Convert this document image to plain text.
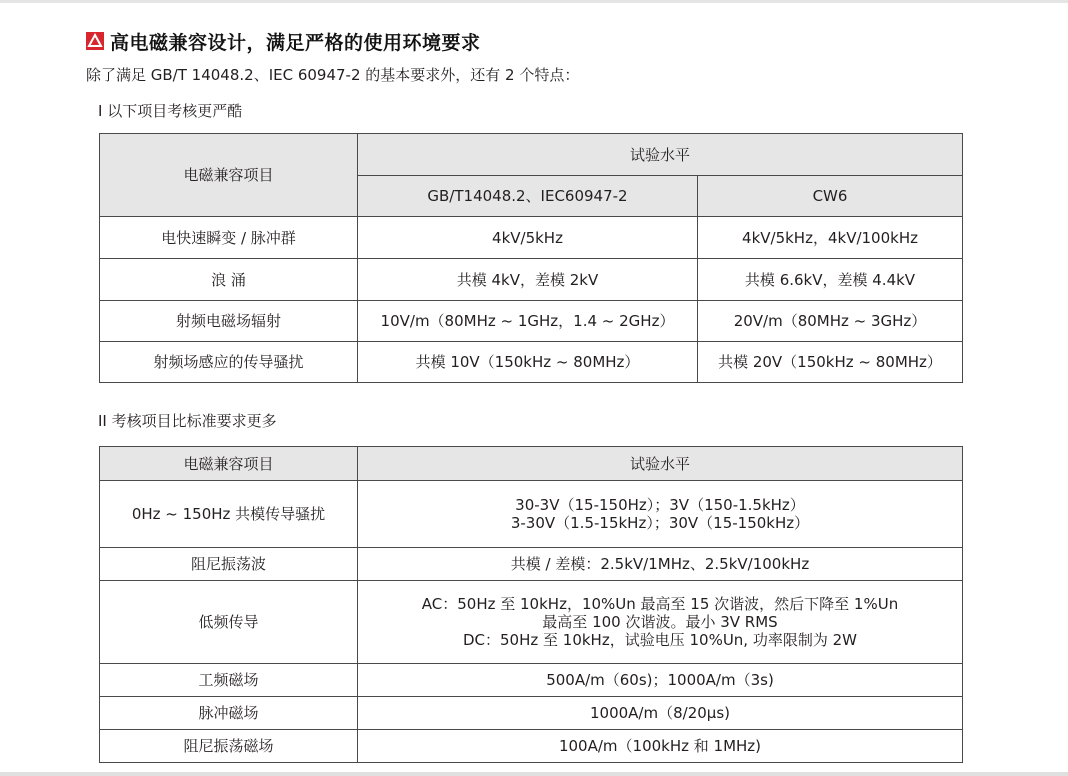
高电磁兼容设计，满足严格的使用环境要求
除了满足 GB/T 14048.2、IEC 60947-2 的基本要求外，还有 2 个特点：
I 以下项目考核更严酷
电磁兼容项目	试验水平	
	GB/T14048.2、IEC60947-2	CW6
电快速瞬变 / 脉冲群	4kV/5kHz	4kV/5kHz，4kV/100kHz
浪 涌	共模 4kV，差模 2kV	共模 6.6kV，差模 4.4kV
射频电磁场辐射	10V/m（80MHz ~ 1GHz，1.4 ~ 2GHz）	20V/m（80MHz ~ 3GHz）
射频场感应的传导骚扰	共模 10V（150kHz ~ 80MHz）	共模 20V（150kHz ~ 80MHz）
II 考核项目比标准要求更多
电磁兼容项目	试验水平
0Hz ~ 150Hz 共模传导骚扰	30-3V（15-150Hz）；3V（150-1.5kHz）
3-30V（1.5-15kHz）；30V（15-150kHz）

阻尼振荡波	共模 / 差模：2.5kV/1MHz、2.5kV/100kHz

低频传导	AC：50Hz 至 10kHz，10%Un 最高至 15 次谐波，然后下降至 1%Un
最高至 100 次谐波。最小 3V RMS
DC：50Hz 至 10kHz，试验电压 10%Un, 功率限制为 2W

工频磁场	500A/m（60s)；1000A/m（3s)

脉冲磁场	1000A/m（8/20μs)

阻尼振荡磁场	100A/m（100kHz 和 1MHz)
